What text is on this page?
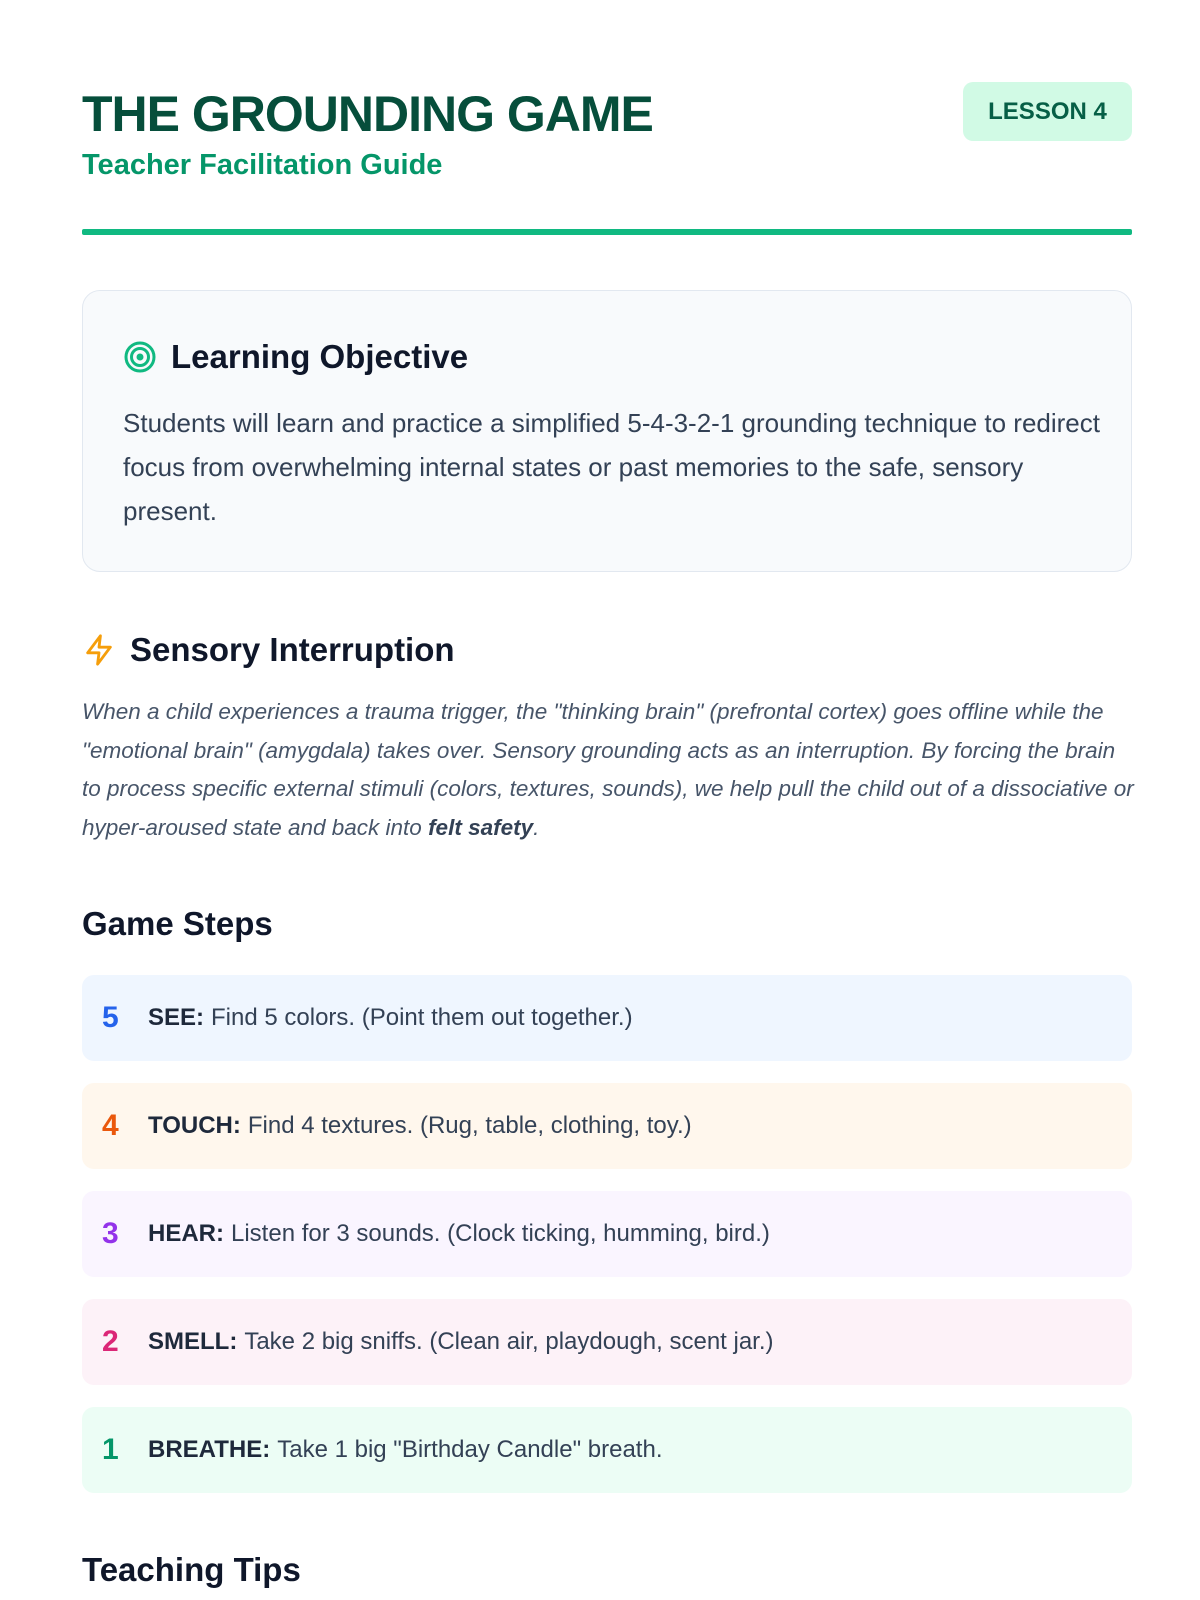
THE GROUNDING GAME
Teacher Facilitation Guide
LESSON 4
Learning Objective

Students will learn and practice a simplified 5-4-3-2-1 grounding technique to redirect focus from overwhelming internal states or past memories to the safe, sensory present.

Sensory Interruption

When a child experiences a trauma trigger, the "thinking brain" (prefrontal cortex) goes offline while the "emotional brain" (amygdala) takes over. Sensory grounding acts as an interruption. By forcing the brain to process specific external stimuli (colors, textures, sounds), we help pull the child out of a dissociative or hyper-aroused state and back into felt safety.

Game Steps
5	SEE: Find 5 colors. (Point them out together.)
4	TOUCH: Find 4 textures. (Rug, table, clothing, toy.)
3	HEAR: Listen for 3 sounds. (Clock ticking, humming, bird.)
2	SMELL: Take 2 big sniffs. (Clean air, playdough, scent jar.)
1	BREATHE: Take 1 big "Birthday Candle" breath.
Teaching Tips
